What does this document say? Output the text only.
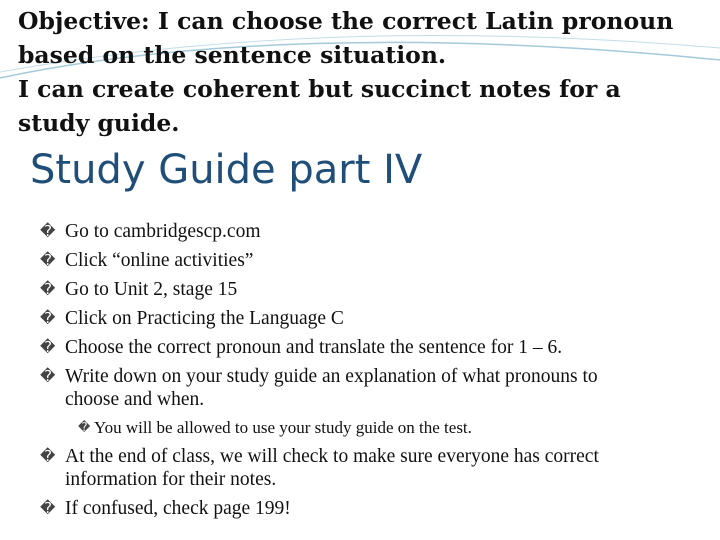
Objective: I can choose the correct Latin pronoun
based on the sentence situation.
I can create coherent but succinct notes for a
study guide.
Study Guide part IV
� Go to cambridgescp.com
� Click “online activities”
� Go to Unit 2, stage 15
� Click on Practicing the Language C
� Choose the correct pronoun and translate the sentence for 1 – 6.
� Write down on your study guide an explanation of what pronouns to choose and when.
� You will be allowed to use your study guide on the test.
� At the end of class, we will check to make sure everyone has correct information for their notes.
� If confused, check page 199!
